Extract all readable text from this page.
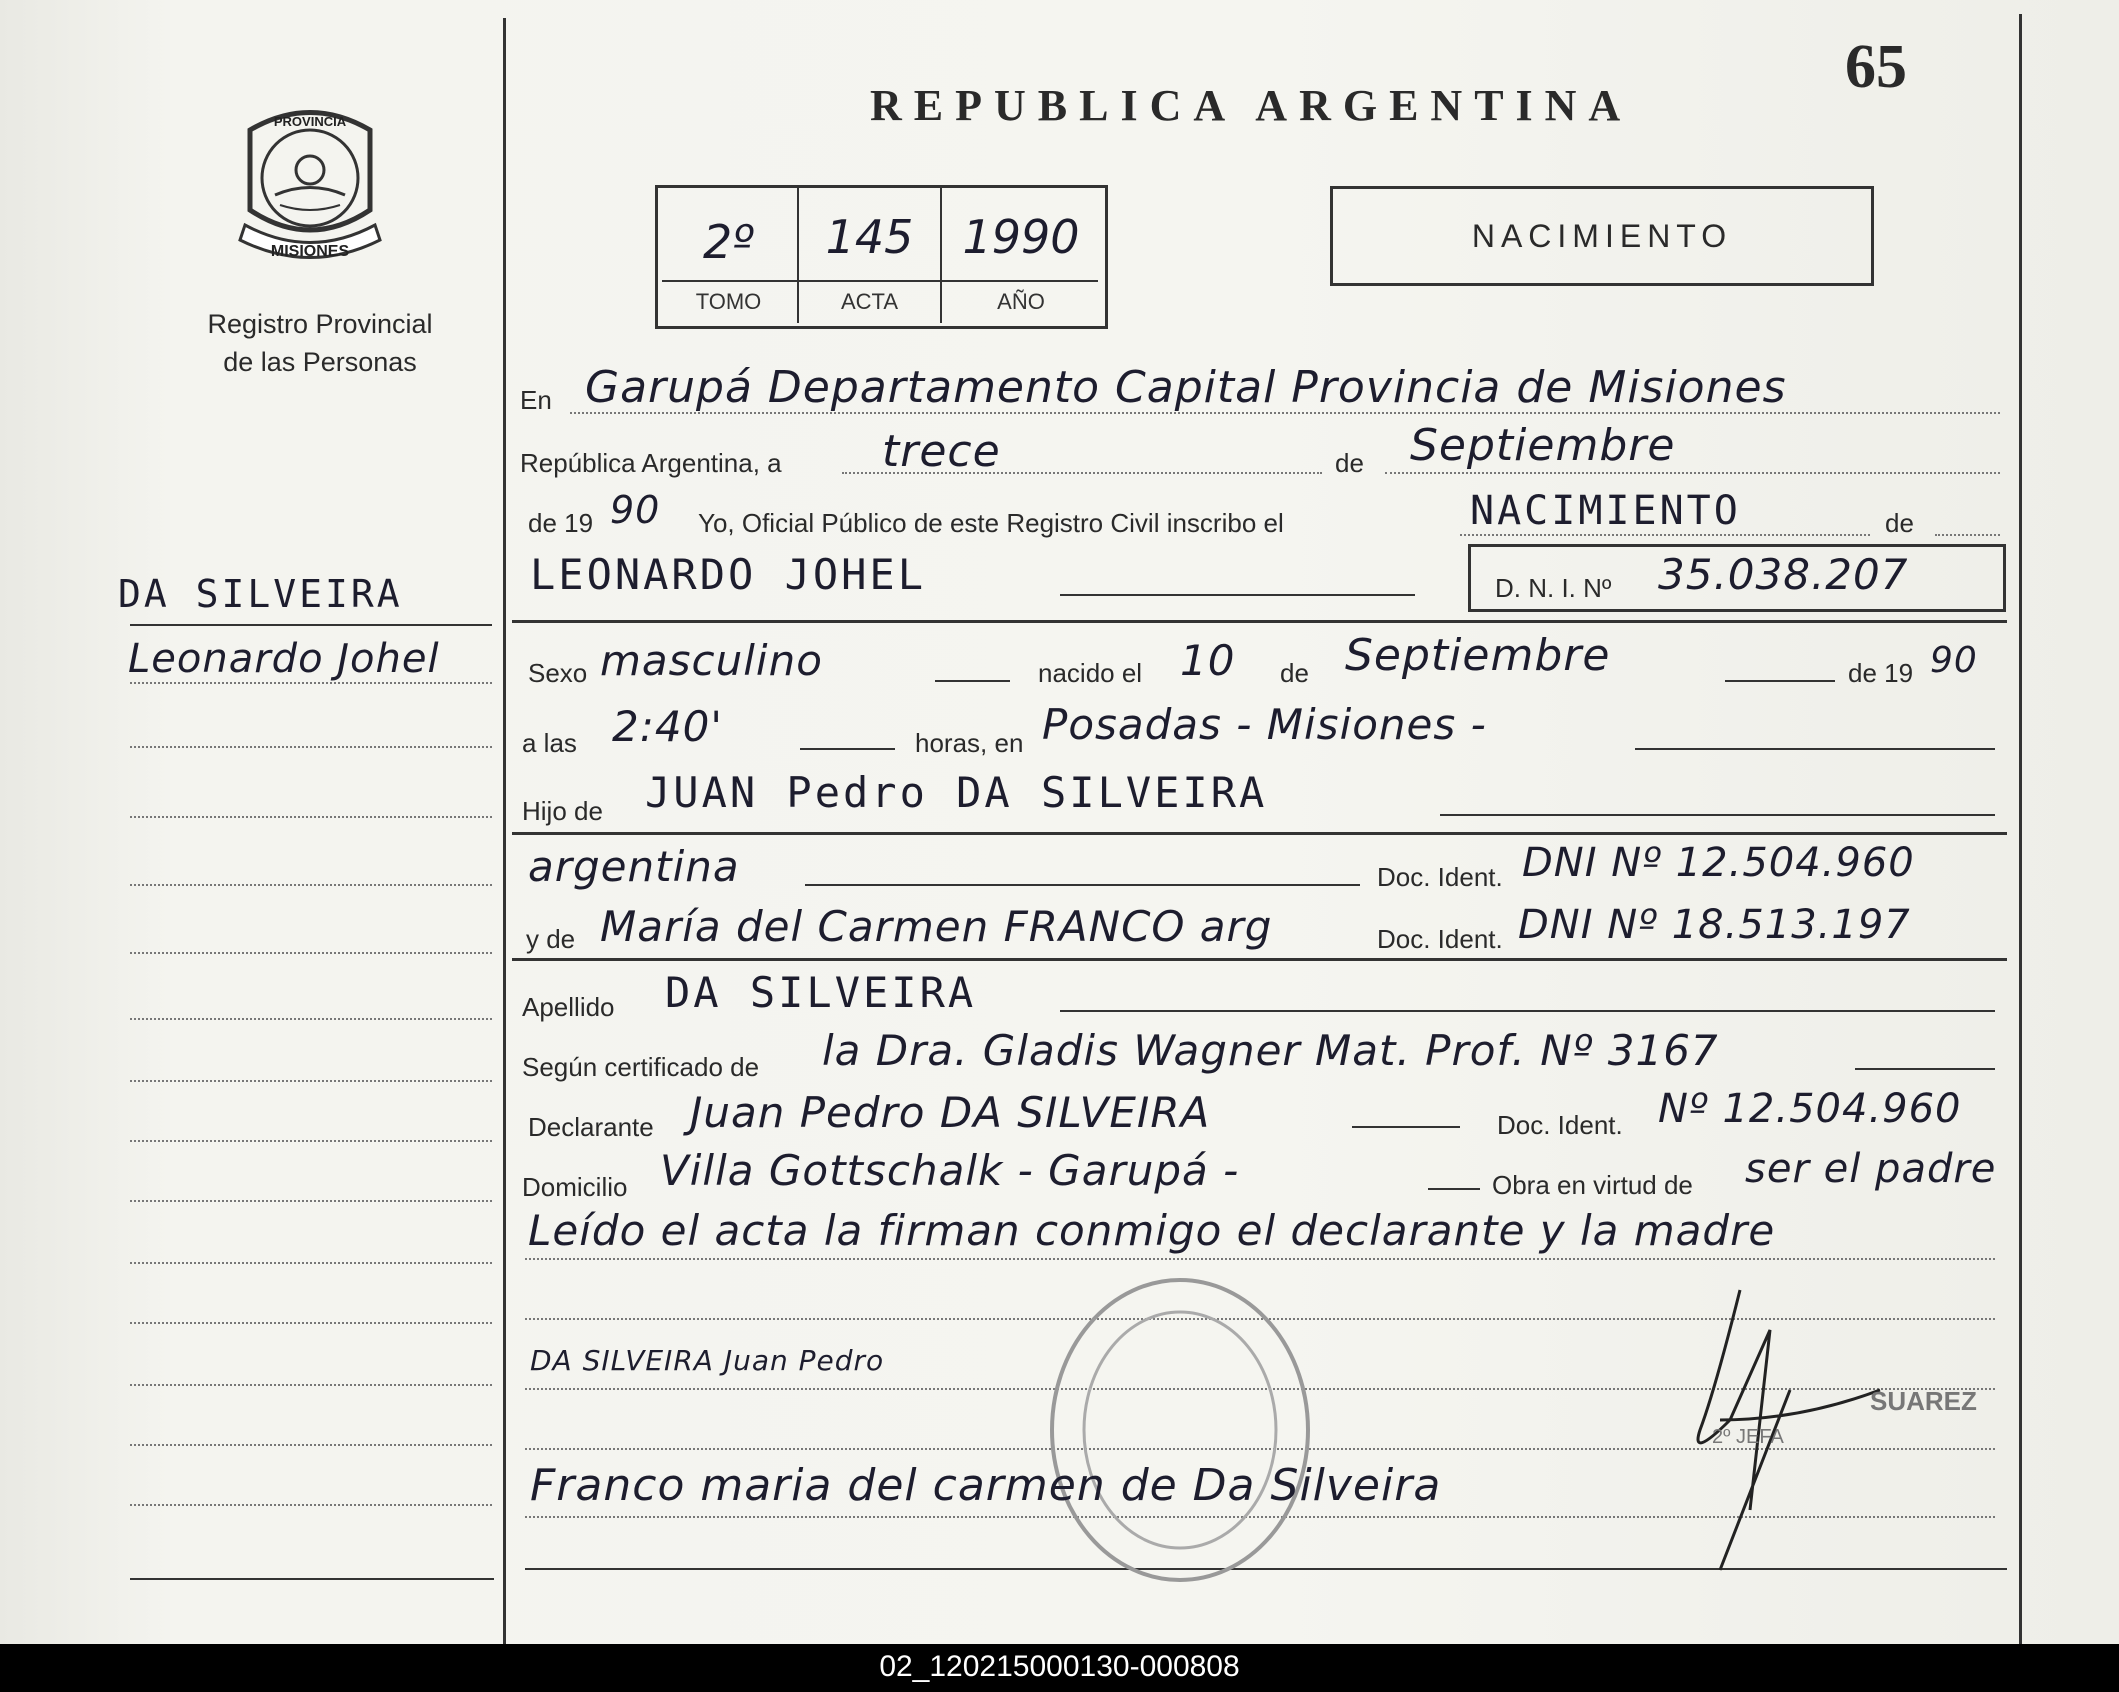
REPUBLICA ARGENTINA
65
MISIONES
PROVINCIA
Registro Provincial
de las Personas
2º	145	1990
TOMO	ACTA	AÑO
NACIMIENTO
DA SILVEIRA
Leonardo Johel
En Garupá Departamento Capital Provincia de Misiones
República Argentina, a trece	de Septiembre
de 19 90 Yo, Oficial Público de este Registro Civil inscribo el	NACIMIENTO	de
LEONARDO JOHEL	D. N. I. Nº 35.038.207
Sexo masculino	nacido el 10 de Septiembre	de 19 90
a las 2:40'	horas, en Posadas - Misiones -
Hijo de JUAN Pedro DA SILVEIRA
argentina	Doc. Ident. DNI Nº 12.504.960
y de María del Carmen FRANCO arg	Doc. Ident. DNI Nº 18.513.197
Apellido DA SILVEIRA
Según certificado de la Dra. Gladis Wagner Mat. Prof. Nº 3167
Declarante Juan Pedro DA SILVEIRA	Doc. Ident. Nº 12.504.960
Domicilio Villa Gottschalk - Garupá -	Obra en virtud de ser el padre
Leído el acta la firman conmigo el declarante y la madre
DA SILVEIRA Juan Pedro
Franco maria del carmen de Da Silveira
SUAREZ
2º JEFA
02_120215000130-000808
